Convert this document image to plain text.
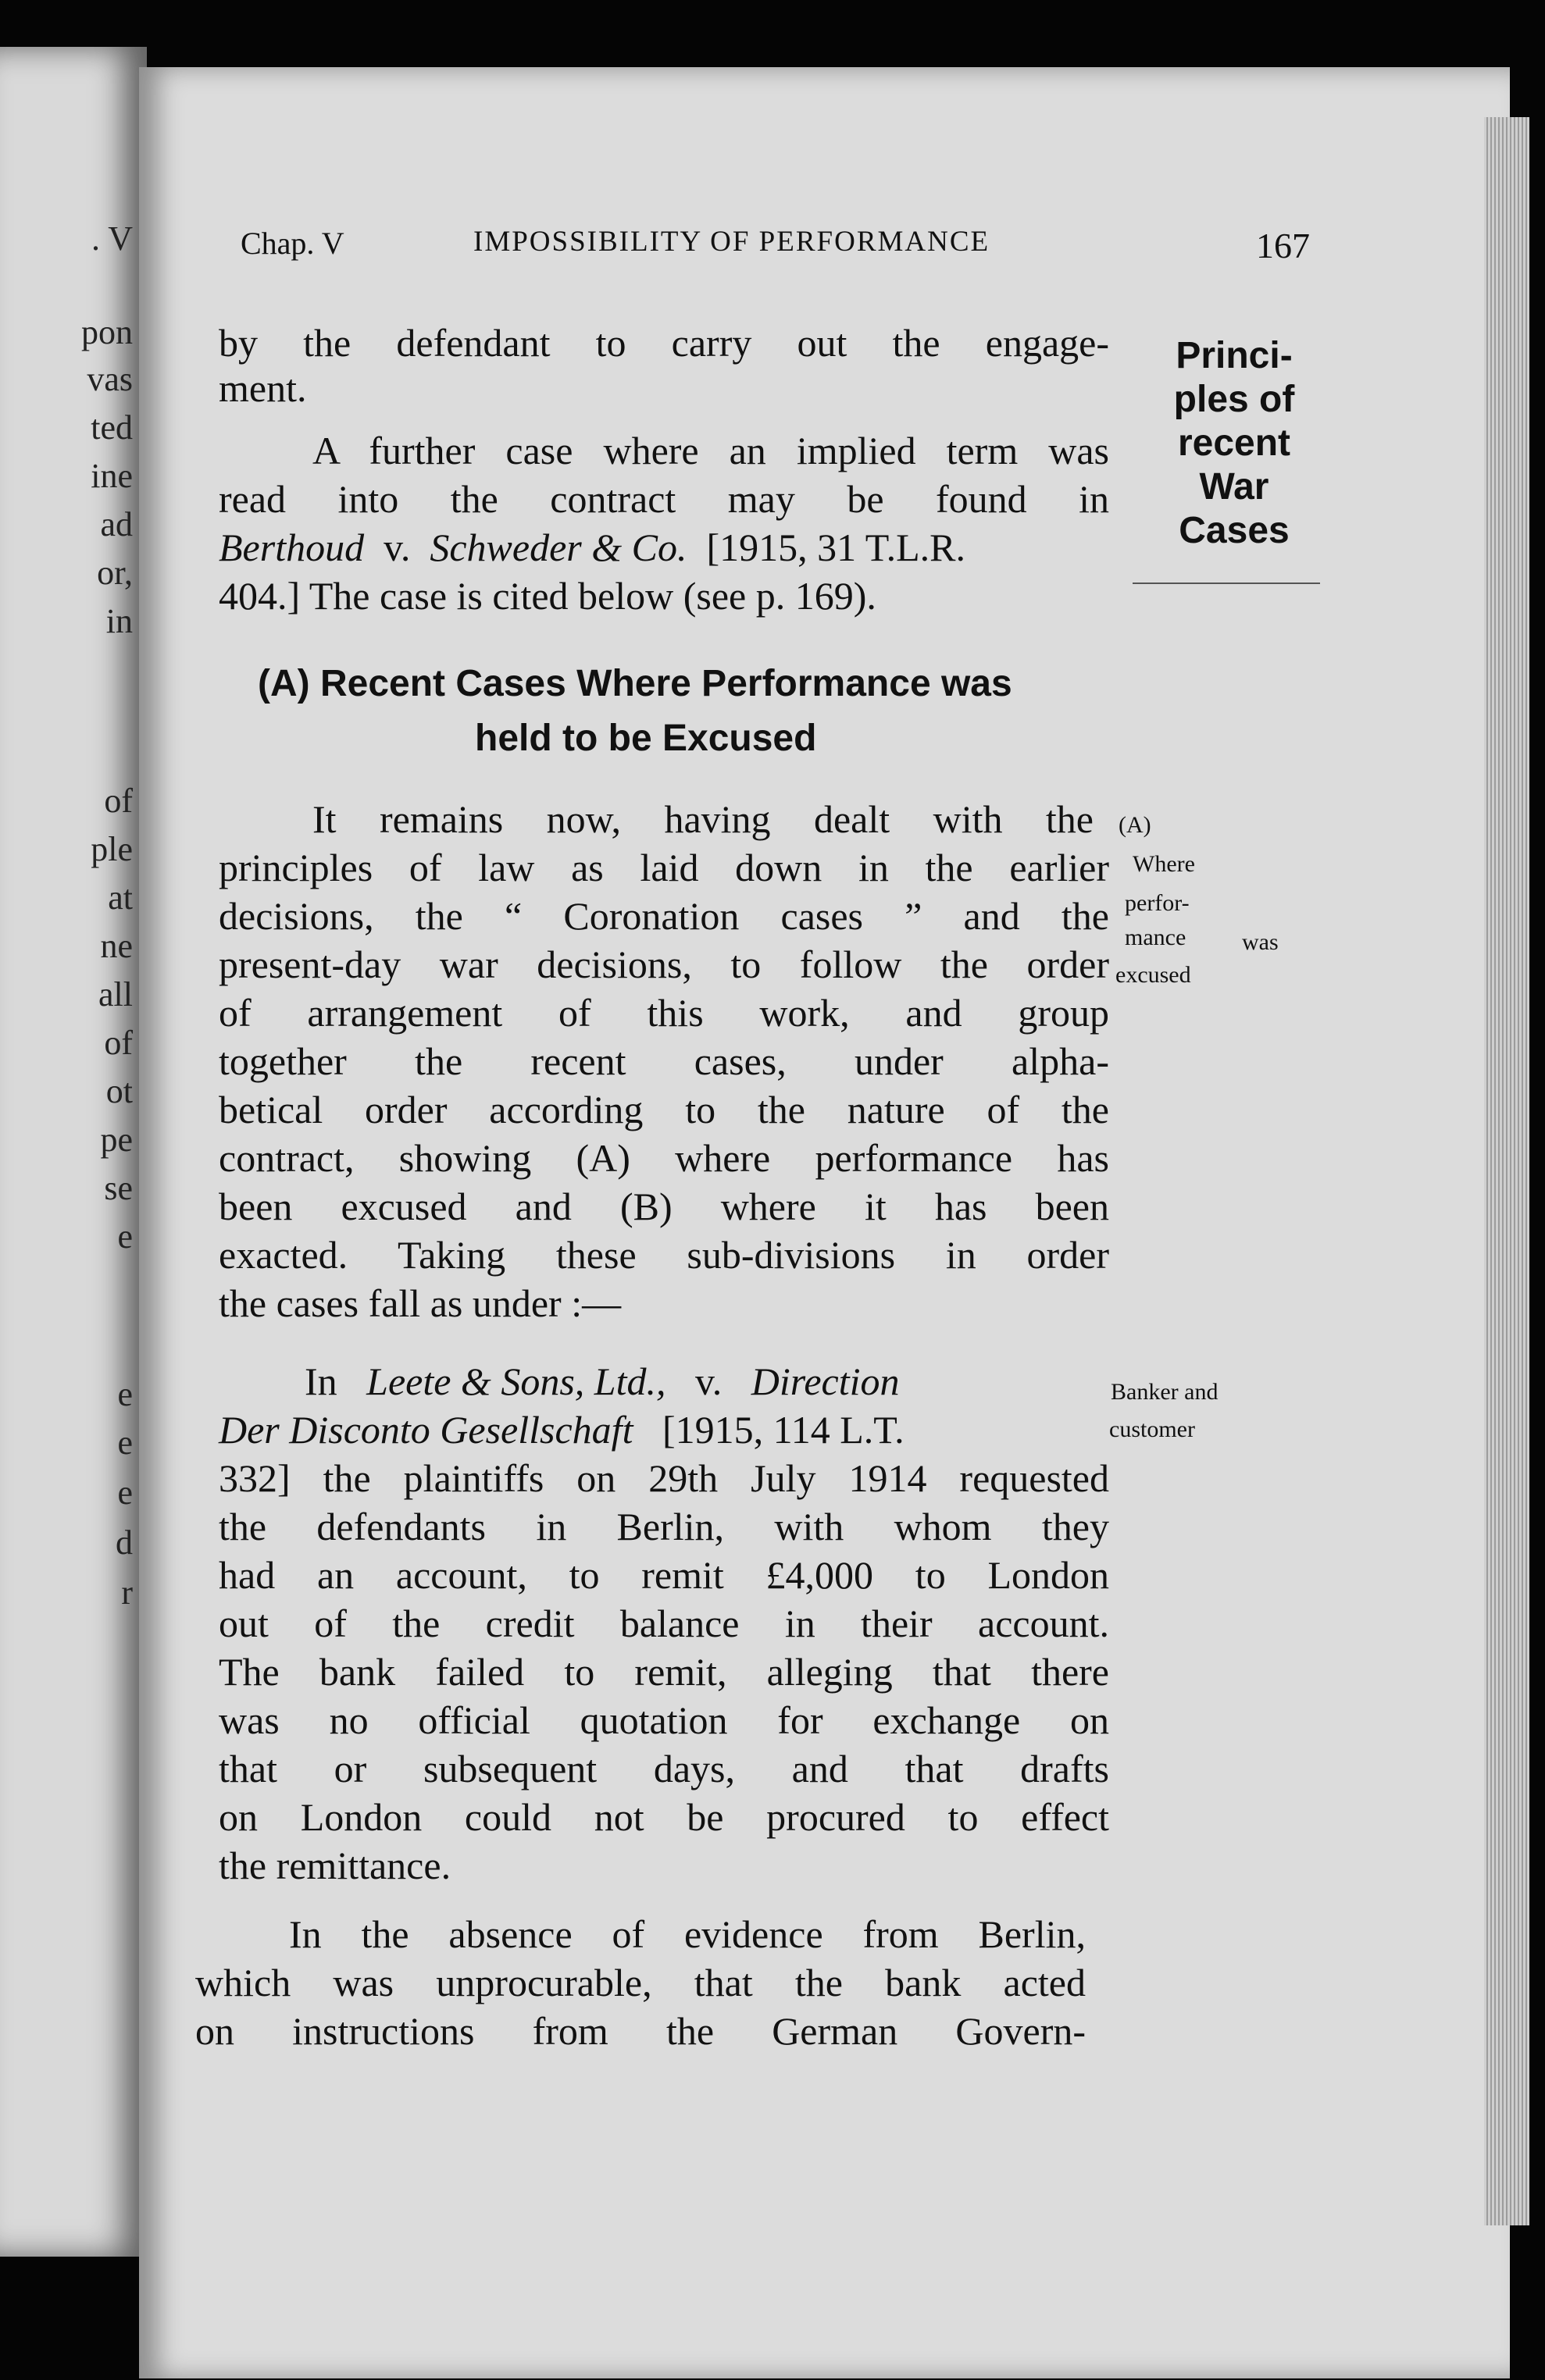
. V
pon
vas
ted
ine
ad
or,
in
of
ple
at
ne
all
of
ot
pe
se
e
e
e
e
d
r
Chap. V	IMPOSSIBILITY OF PERFORMANCE	167
by the defendant to carry out the engage-
ment.
Princi-
ples of
recent
War
Cases
A further case where an implied term was
read into the contract may be found in
Berthoud  v.  Schweder & Co.  [1915, 31 T.L.R.
404.] The case is cited below (see p. 169).
(A) Recent Cases Where Performance was
held to be Excused
(A)
Where
perfor-
mance was
excused
It remains now, having dealt with the
principles of law as laid down in the earlier
decisions, the “ Coronation cases ” and the
present-day war decisions, to follow the order
of arrangement of this work, and group
together the recent cases, under alpha-
betical order according to the nature of the
contract, showing (A) where performance has
been excused and (B) where it has been
exacted. Taking these sub-divisions in order
the cases fall as under :—
Banker and
customer
In Leete & Sons, Ltd., v. Direction
Der Disconto Gesellschaft [1915, 114 L.T.
332] the plaintiffs on 29th July 1914 requested
the defendants in Berlin, with whom they
had an account, to remit £4,000 to London
out of the credit balance in their account.
The bank failed to remit, alleging that there
was no official quotation for exchange on
that or subsequent days, and that drafts
on London could not be procured to effect
the remittance.
In the absence of evidence from Berlin,
which was unprocurable, that the bank acted
on instructions from the German Govern-
